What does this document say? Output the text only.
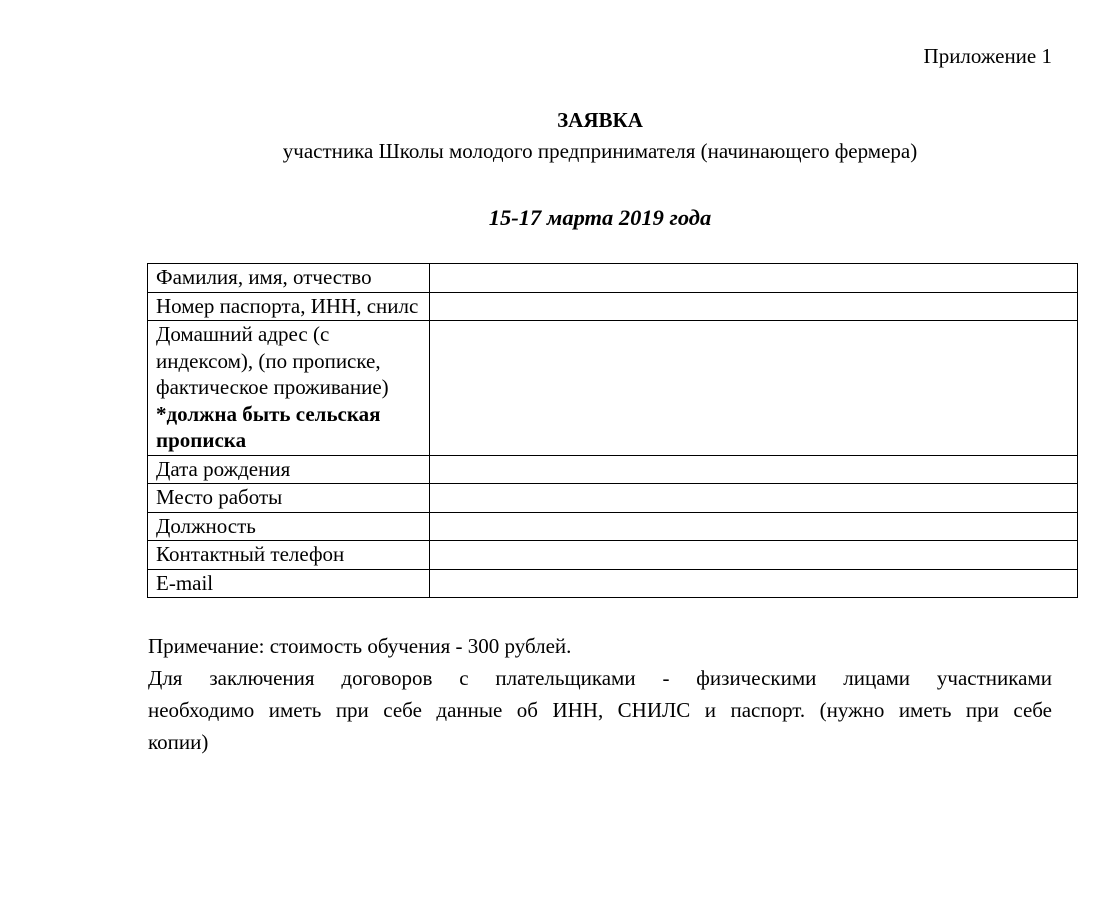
Приложение 1
ЗАЯВКА
участника Школы молодого предпринимателя (начинающего фермера)
15-17 марта 2019 года
Фамилия, имя, отчество	
Номер паспорта, ИНН, снилс	
Домашний адрес (с индексом), (по прописке, фактическое проживание) *должна быть сельская прописка	
Дата рождения	
Место работы	
Должность	
Контактный телефон	
E-mail	
Примечание: стоимость обучения - 300 рублей.
Для заключения договоров с плательщиками - физическими лицами участниками
необходимо иметь при себе данные об ИНН, СНИЛС и паспорт. (нужно иметь при себе
копии)
